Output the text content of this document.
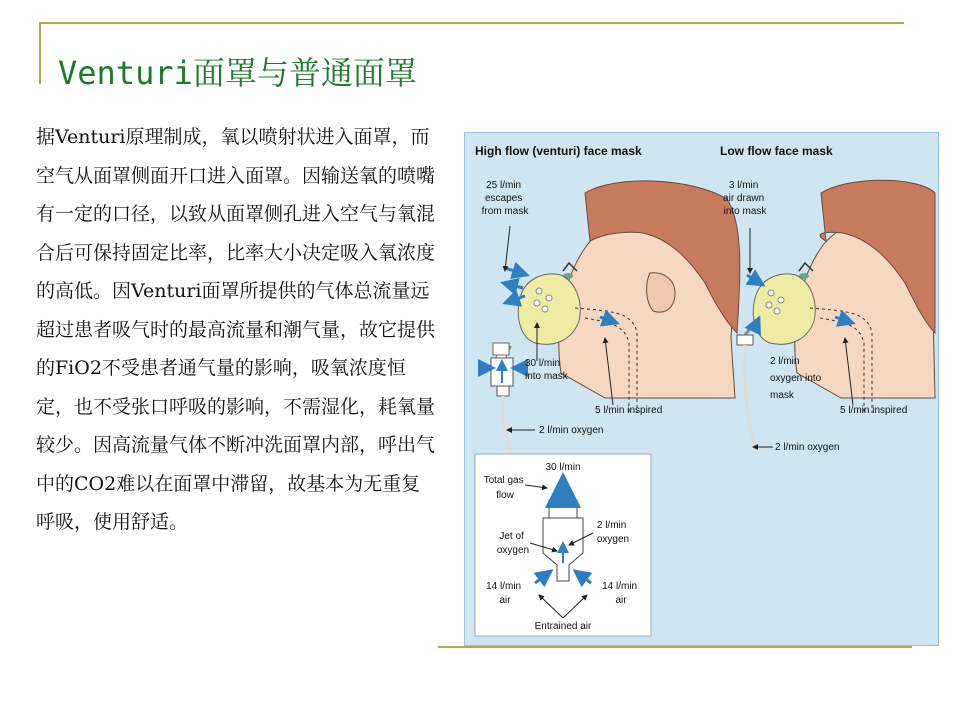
Venturi面罩与普通面罩
据Venturi原理制成，氧以喷射状进入面罩，而空气从面罩侧面开口进入面罩。因输送氧的喷嘴有一定的口径，以致从面罩侧孔进入空气与氧混合后可保持固定比率，比率大小决定吸入氧浓度的高低。因Venturi面罩所提供的气体总流量远超过患者吸气时的最高流量和潮气量，故它提供的FiO2不受患者通气量的影响，吸氧浓度恒定，也不受张口呼吸的影响，不需湿化，耗氧量较少。因高流量气体不断冲洗面罩内部，呼出气中的CO2难以在面罩中滞留，故基本为无重复呼吸，使用舒适。
High flow (venturi) face mask
25 l/min escapes from mask
30 l/min into mask
5 l/min inspired
2 l/min oxygen
Low flow face mask
3 l/min air drawn into mask
2 l/min oxygen into mask
5 l/min inspired
2 l/min oxygen
30 l/min
Total gas flow
Jet of oxygen
2 l/min oxygen
14 l/min air
14 l/min air
Entrained air
